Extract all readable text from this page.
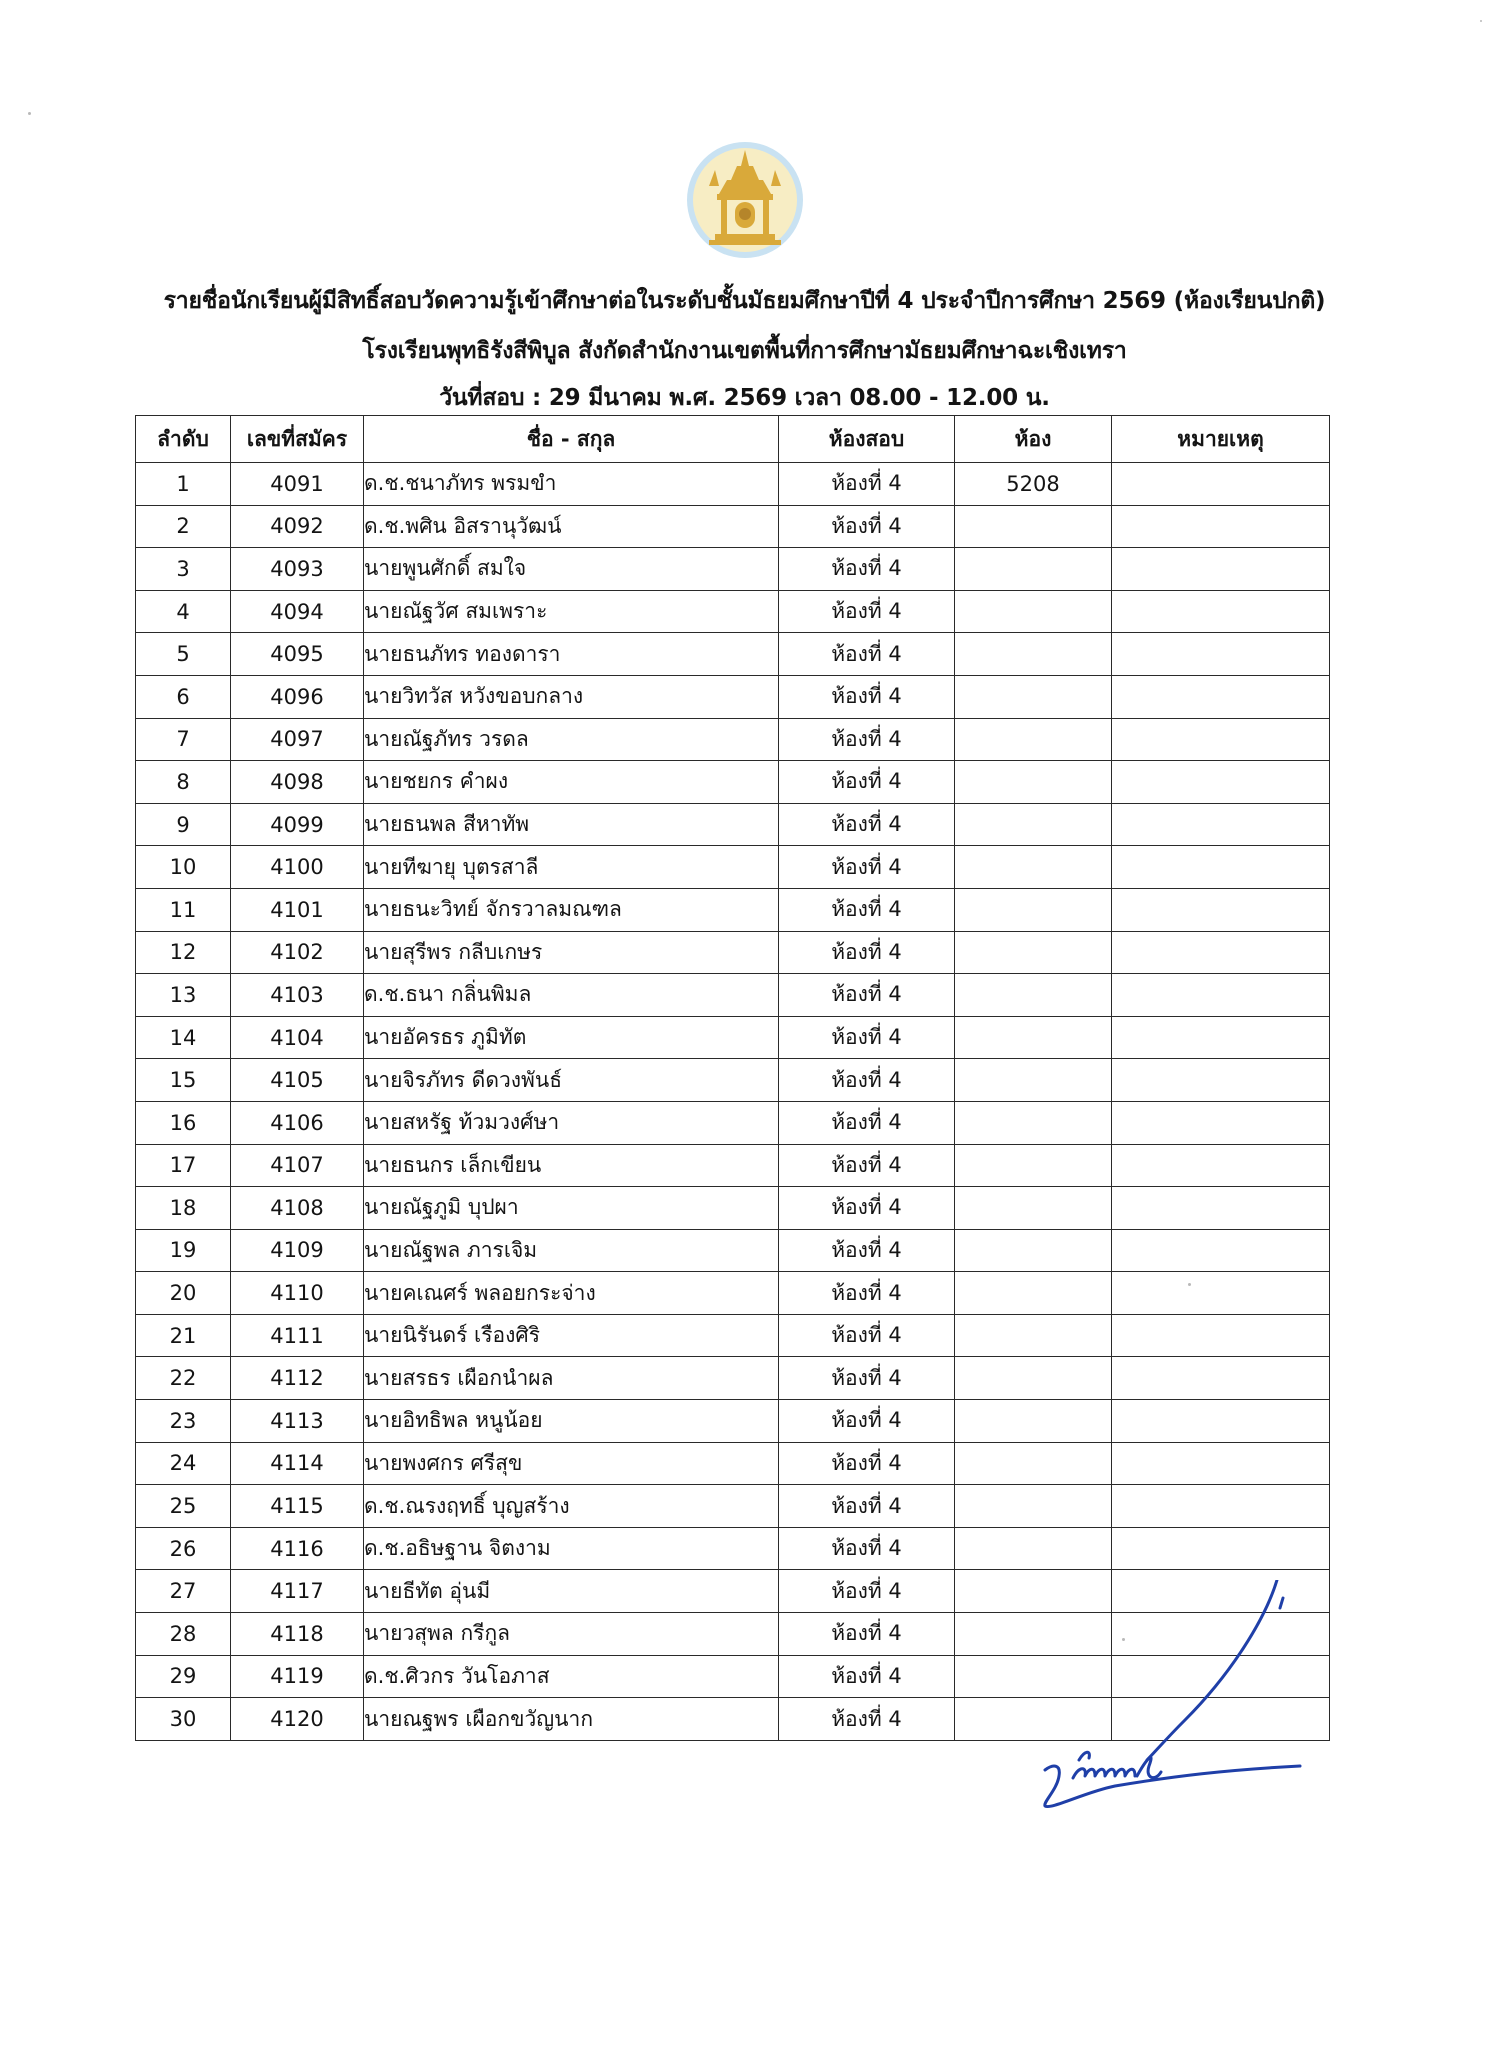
รายชื่อนักเรียนผู้มีสิทธิ์สอบวัดความรู้เข้าศึกษาต่อในระดับชั้นมัธยมศึกษาปีที่ 4 ประจำปีการศึกษา 2569 (ห้องเรียนปกติ)
โรงเรียนพุทธิรังสีพิบูล สังกัดสำนักงานเขตพื้นที่การศึกษามัธยมศึกษาฉะเชิงเทรา
วันที่สอบ : 29 มีนาคม พ.ศ. 2569 เวลา 08.00 - 12.00 น.
ลำดับ	เลขที่สมัคร	ชื่อ - สกุล	ห้องสอบ	ห้อง	หมายเหตุ
1	4091	ด.ช.ชนาภัทร พรมขำ	ห้องที่ 4	5208	
2	4092	ด.ช.พศิน อิสรานุวัฒน์	ห้องที่ 4		
3	4093	นายพูนศักดิ์ สมใจ	ห้องที่ 4		
4	4094	นายณัฐวัศ สมเพราะ	ห้องที่ 4		
5	4095	นายธนภัทร ทองดารา	ห้องที่ 4		
6	4096	นายวิทวัส หวังขอบกลาง	ห้องที่ 4		
7	4097	นายณัฐภัทร วรดล	ห้องที่ 4		
8	4098	นายชยกร คำผง	ห้องที่ 4		
9	4099	นายธนพล สีหาทัพ	ห้องที่ 4		
10	4100	นายทีฆายุ บุตรสาลี	ห้องที่ 4		
11	4101	นายธนะวิทย์ จักรวาลมณฑล	ห้องที่ 4		
12	4102	นายสุรีพร กลีบเกษร	ห้องที่ 4		
13	4103	ด.ช.ธนา กลิ่นพิมล	ห้องที่ 4		
14	4104	นายอัครธร ภูมิทัต	ห้องที่ 4		
15	4105	นายจิรภัทร ดีดวงพันธ์	ห้องที่ 4		
16	4106	นายสหรัฐ ท้วมวงศ์ษา	ห้องที่ 4		
17	4107	นายธนกร เล็กเขียน	ห้องที่ 4		
18	4108	นายณัฐภูมิ บุปผา	ห้องที่ 4		
19	4109	นายณัฐพล ภารเจิม	ห้องที่ 4		
20	4110	นายคเณศร์ พลอยกระจ่าง	ห้องที่ 4		
21	4111	นายนิรันดร์ เรืองศิริ	ห้องที่ 4		
22	4112	นายสรธร เผือกนำผล	ห้องที่ 4		
23	4113	นายอิทธิพล หนูน้อย	ห้องที่ 4		
24	4114	นายพงศกร ศรีสุข	ห้องที่ 4		
25	4115	ด.ช.ณรงฤทธิ์ บุญสร้าง	ห้องที่ 4		
26	4116	ด.ช.อธิษฐาน จิตงาม	ห้องที่ 4		
27	4117	นายธีทัต อุ่นมี	ห้องที่ 4		
28	4118	นายวสุพล กรีกูล	ห้องที่ 4		
29	4119	ด.ช.ศิวกร วันโอภาส	ห้องที่ 4		
30	4120	นายณฐพร เผือกขวัญนาก	ห้องที่ 4		
